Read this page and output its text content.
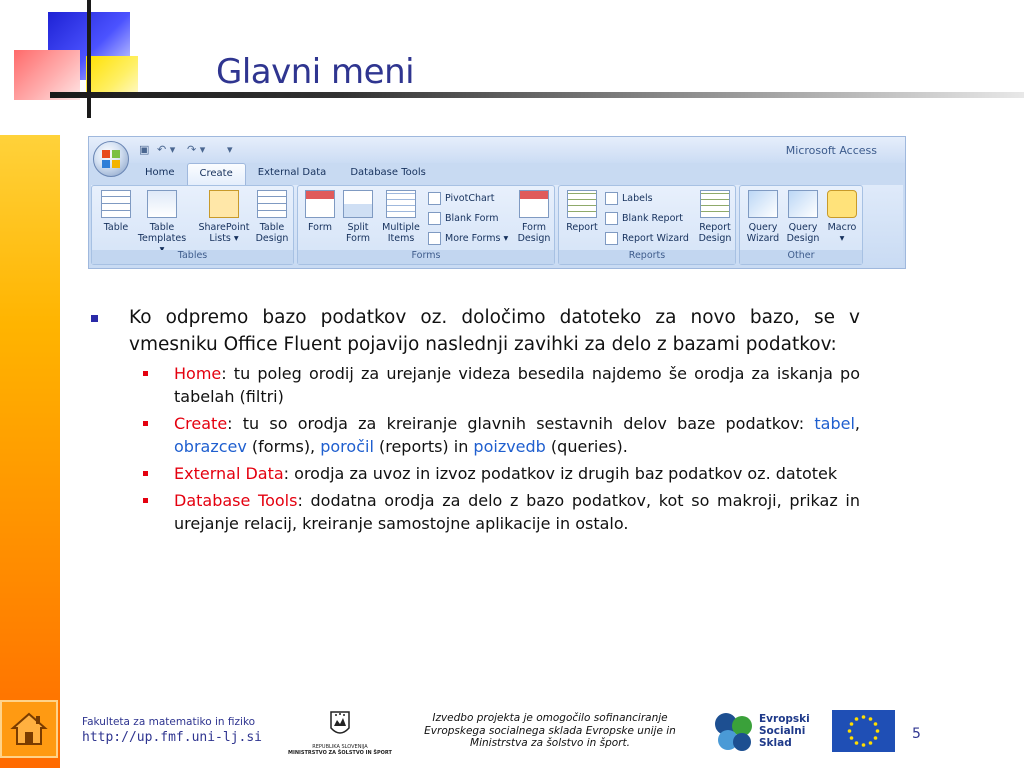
Glavni meni
▣ ↶ ▾ ↷ ▾ ▾	Microsoft Access
Home	Create	External Data	Database Tools
Table	Table
Templates
SharePoint
Lists ▾
Table
Design
Tables
Form	Split
Form
Multiple
Items
PivotChart
Blank Form
More Forms ▾
Form
Design
Forms
Report
Labels
Blank Report
Report Wizard
Report
Design
Reports
Query
Wizard
Query
Design
Macro
▾
Other
Ko odpremo bazo podatkov oz. določimo datoteko za novo bazo, se v vmesniku Office Fluent pojavijo naslednji zavihki za delo z bazami podatkov:
Home: tu poleg orodij za urejanje videza besedila najdemo še orodja za iskanja po tabelah (filtri)
Create: tu so orodja za kreiranje glavnih sestavnih delov baze podatkov: tabel, obrazcev (forms), poročil (reports) in poizvedb (queries).
External Data: orodja za uvoz in izvoz podatkov iz drugih baz podatkov oz. datotek
Database Tools: dodatna orodja za delo z bazo podatkov, kot so makroji, prikaz in urejanje relacij, kreiranje samostojne aplikacije in ostalo.
Fakulteta za matematiko in fiziko
http://up.fmf.uni-lj.si
REPUBLIKA SLOVENIJA
MINISTRSTVO ZA ŠOLSTVO IN ŠPORT
Izvedbo projekta je omogočilo sofinanciranje Evropskega socialnega sklada Evropske unije in Ministrstva za šolstvo in šport.
Evropski
Socialni
Sklad
5
